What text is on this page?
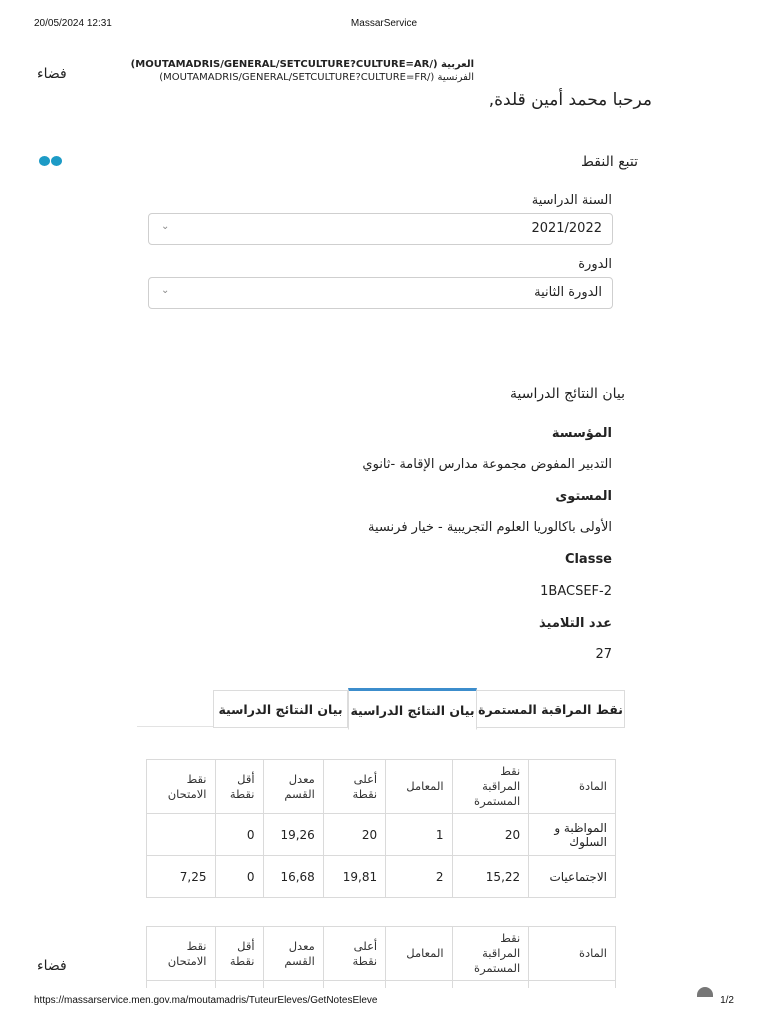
20/05/2024 12:31	MassarService
فضاء
(MOUTAMADRIS/GENERAL/SETCULTURE?CULTURE=AR/) العربية
(MOUTAMADRIS/GENERAL/SETCULTURE?CULTURE=FR/) الفرنسية
مرحبا محمد أمين قلدة,
تتبع النقط
السنة الدراسية
2021/2022
⌄
الدورة
الدورة الثانية
⌄
بيان النتائج الدراسية
المؤسسة
التدبير المفوض مجموعة مدارس الإقامة -ثانوي
المستوى
الأولى باكالوريا العلوم التجريبية - خيار فرنسية
Classe
1BACSEF-2
عدد التلاميذ
27
نقط المراقبة المستمرة
بيان النتائج الدراسية
بيان النتائج الدراسية
المادة	نقط المراقبة المستمرة	المعامل	أعلى نقطة	معدل القسم	أقل نقطة	نقط الامتحان
المواظبة و السلوك	20	1	20	19,26	0	
الاجتماعيات	15,22	2	19,81	16,68	0	7,25
المادة	نقط المراقبة المستمرة	المعامل	أعلى نقطة	معدل القسم	أقل نقطة	نقط الامتحان

فضاء
https://massarservice.men.gov.ma/moutamadris/TuteurEleves/GetNotesEleve	1/2
